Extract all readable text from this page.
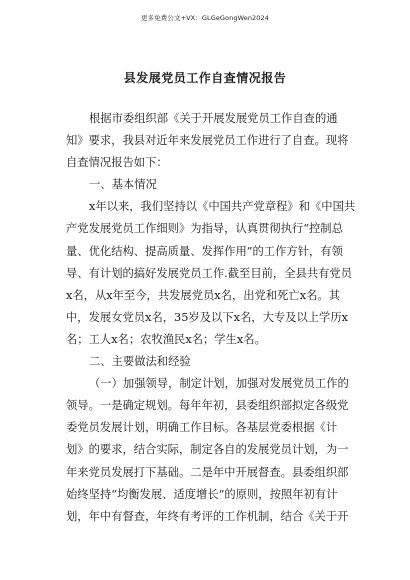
更多免费公文+VX：GLGeGongWen2024
县发展党员工作自查情况报告
根据市委组织部《关于开展发展党员工作自查的通
知》要求，我县对近年来发展党员工作进行了自查。现将
自查情况报告如下：
一、基本情况
x年以来，我们坚持以《中国共产党章程》和《中国共
产党发展党员工作细则》为指导，认真贯彻执行“控制总
量、优化结构、提高质量、发挥作用”的工作方针，有领
导、有计划的搞好发展党员工作.截至目前，全县共有党员
x名，从x年至今，共发展党员x名，出党和死亡x名。其
中，发展女党员x名，35岁及以下x名，大专及以上学历x
名；工人x名；农牧渔民x名；学生x名。
二、主要做法和经验
（一）加强领导，制定计划，加强对发展党员工作的
领导。一是确定规划。每年年初，县委组织部拟定各级党
委党员发展计划，明确工作目标。各基层党委根据《计
划》的要求，结合实际，制定各自的发展党员计划，为一
年来党员发展打下基础。二是年中开展督查。县委组织部
始终坚持“均衡发展、适度增长”的原则，按照年初有计
划，年中有督查，年终有考评的工作机制，结合《关于开
